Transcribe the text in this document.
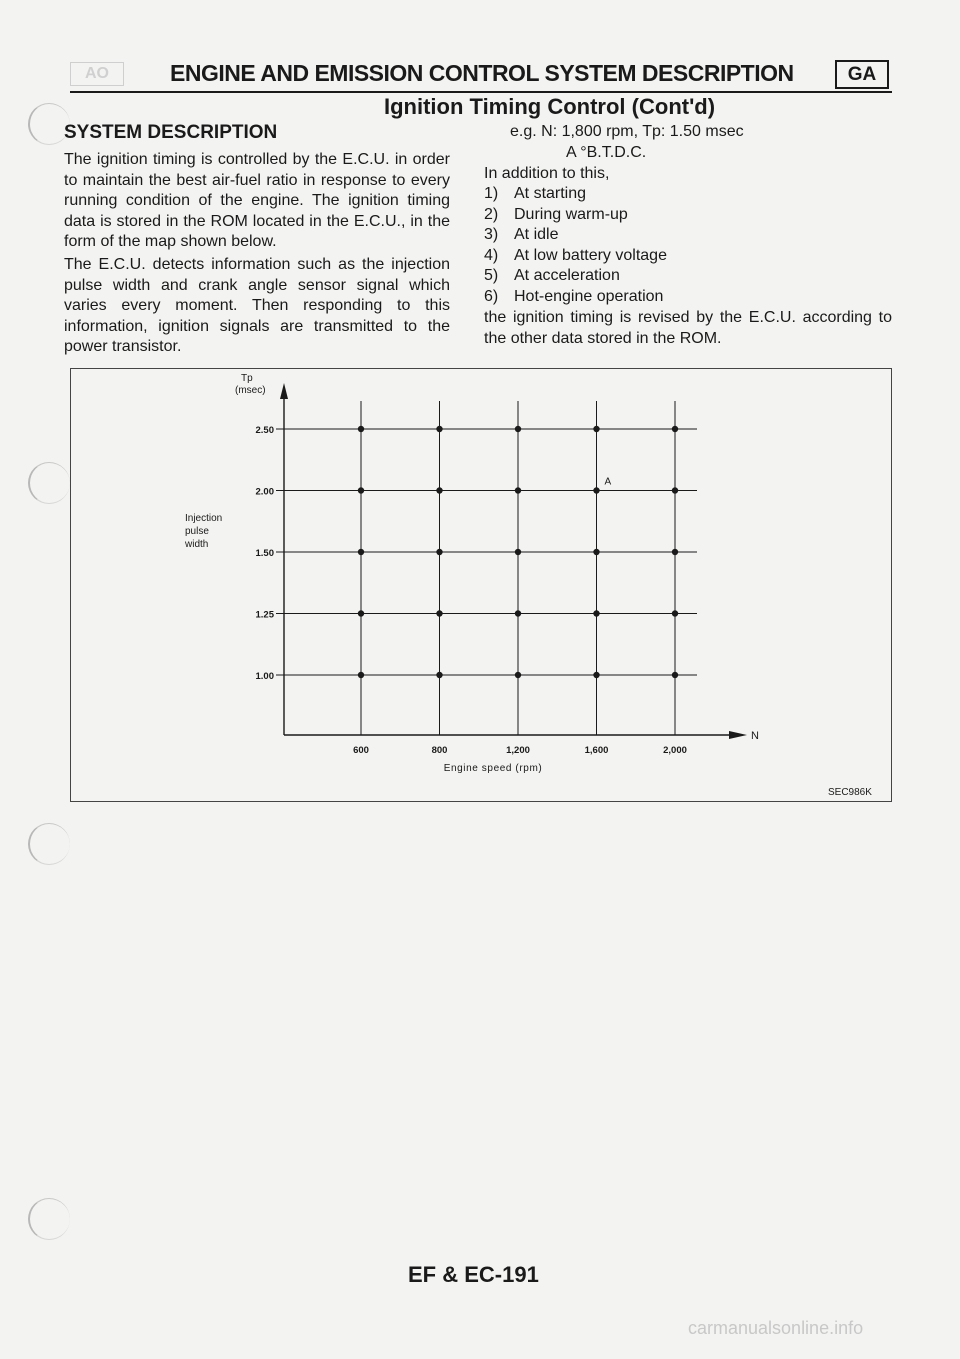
AO	ENGINE AND EMISSION CONTROL SYSTEM DESCRIPTION	GA
Ignition Timing Control (Cont'd)
SYSTEM DESCRIPTION

The ignition timing is controlled by the E.C.U. in order to maintain the best air-fuel ratio in response to every running condition of the engine. The ignition timing data is stored in the ROM located in the E.C.U., in the form of the map shown below.

The E.C.U. detects information such as the injection pulse width and crank angle sensor signal which varies every moment. Then responding to this information, ignition signals are transmitted to the power transistor.

e.g. N: 1,800 rpm, Tp: 1.50 msec
A °B.T.D.C.
In addition to this,
1) At starting
2) During warm-up
3) At idle
4) At low battery voltage
5) At acceleration
6) Hot-engine operation
the ignition timing is revised by the E.C.U. according to the other data stored in the ROM.
Tp
(msec)
Injection
pulse
width
N
Engine speed (rpm)
600	800	1,200	1,600	2,000
1.00
1.25
1.50
2.00
2.50
A
SEC986K
EF & EC-191
carmanualsonline.info
